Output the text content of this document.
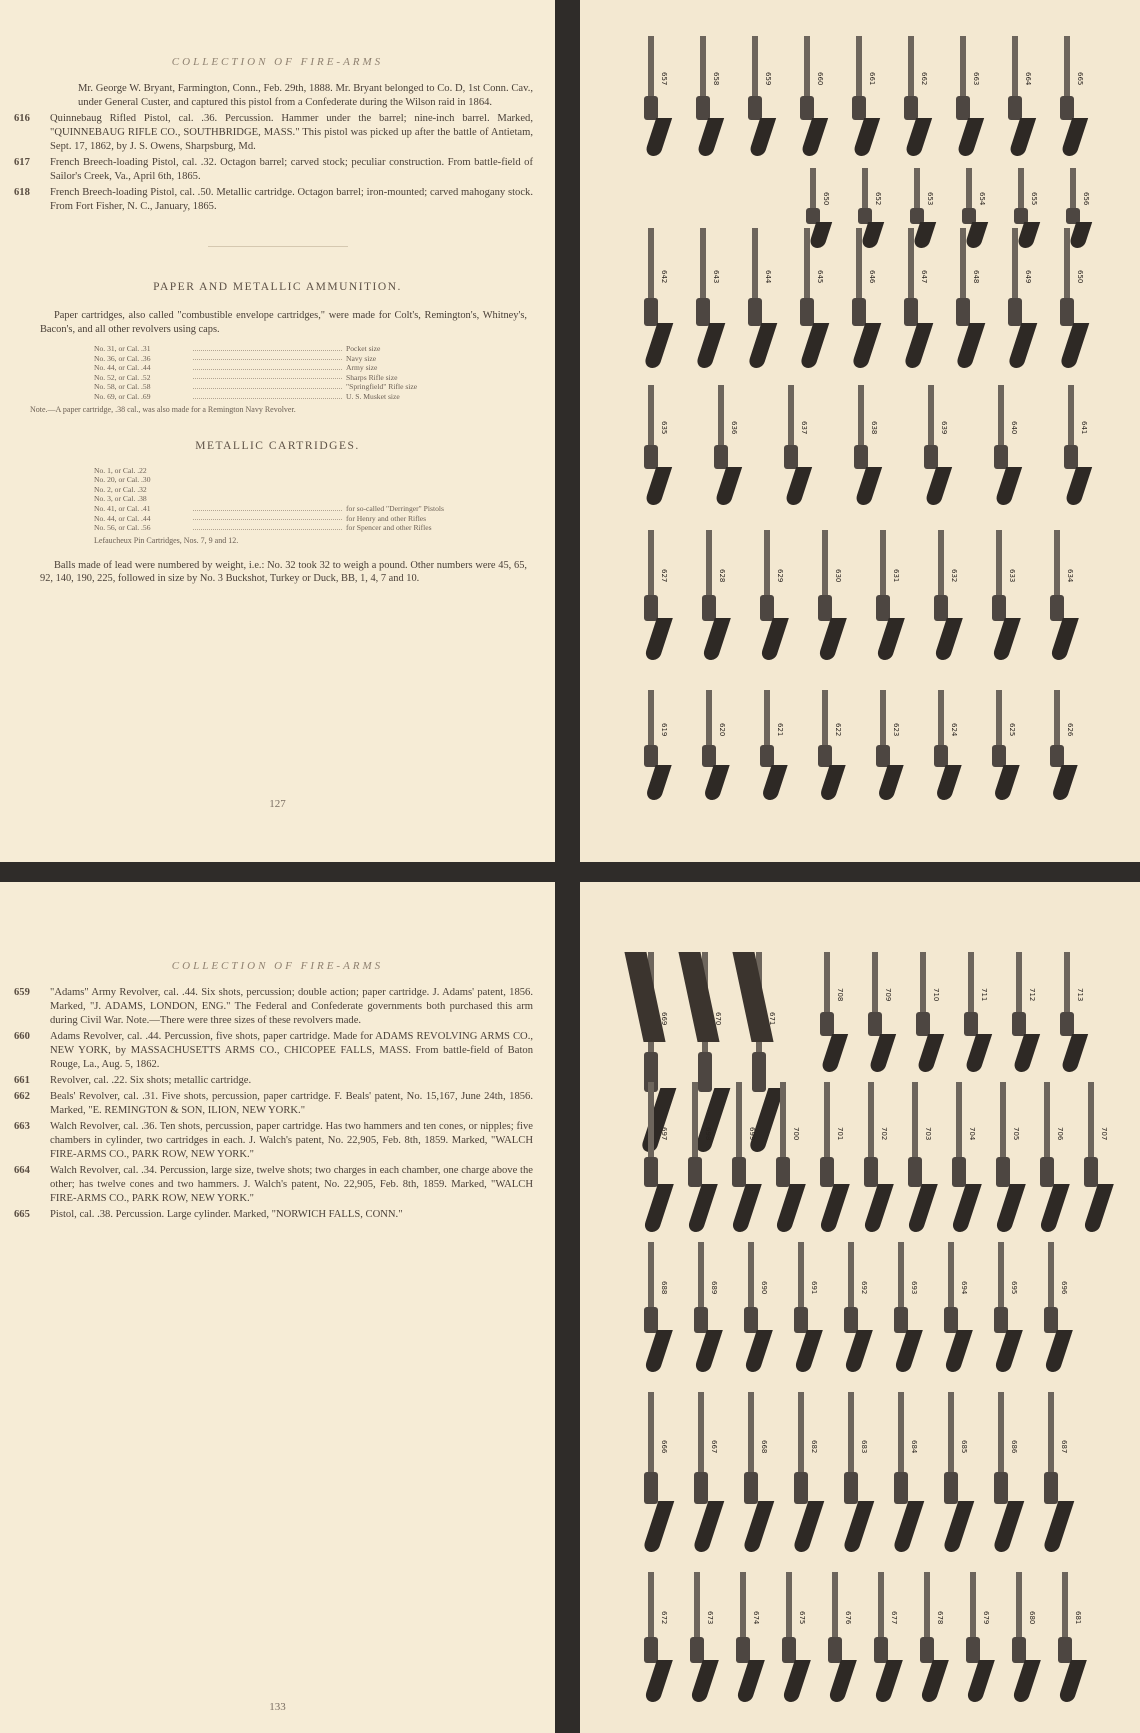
COLLECTION OF FIRE-ARMS
Mr. George W. Bryant, Farmington, Conn., Feb. 29th, 1888. Mr. Bryant belonged to Co. D, 1st Conn. Cav., under General Custer, and captured this pistol from a Confederate during the Wilson raid in 1864.
616	Quinnebaug Rifled Pistol, cal. .36. Percussion. Hammer under the barrel; nine-inch barrel. Marked, "QUINNEBAUG RIFLE CO., SOUTHBRIDGE, MASS." This pistol was picked up after the battle of Antietam, Sept. 17, 1862, by J. S. Owens, Sharpsburg, Md.
617	French Breech-loading Pistol, cal. .32. Octagon barrel; carved stock; peculiar construction. From battle-field of Sailor's Creek, Va., April 6th, 1865.
618	French Breech-loading Pistol, cal. .50. Metallic cartridge. Octagon barrel; iron-mounted; carved mahogany stock. From Fort Fisher, N. C., January, 1865.
PAPER AND METALLIC AMMUNITION.
Paper cartridges, also called "combustible envelope cartridges," were made for Colt's, Remington's, Whitney's, Bacon's, and all other revolvers using caps.
No. 31, or Cal. .31	Pocket size
No. 36, or Cal. .36	Navy size
No. 44, or Cal. .44	Army size
No. 52, or Cal. .52	Sharps Rifle size
No. 58, or Cal. .58	"Springfield" Rifle size
No. 69, or Cal. .69	U. S. Musket size
Note.—A paper cartridge, .38 cal., was also made for a Remington Navy Revolver.
METALLIC CARTRIDGES.
No. 1, or Cal. .22
No. 20, or Cal. .30
No. 2, or Cal. .32
No. 3, or Cal. .38
No. 41, or Cal. .41	for so-called "Derringer" Pistols
No. 44, or Cal. .44	for Henry and other Rifles
No. 56, or Cal. .56	for Spencer and other Rifles
Lefaucheux Pin Cartridges, Nos. 7, 9 and 12.
Balls made of lead were numbered by weight, i.e.: No. 32 took 32 to weigh a pound. Other numbers were 45, 65, 92, 140, 190, 225, followed in size by No. 3 Buckshot, Turkey or Duck, BB, 1, 4, 7 and 10.
127
657	658	659	660	661	662	663	664	665
650	652	653	654	655	656
642	643	644	645	646	647	648	649	650
635	636	637	638	639	640	641
627	628	629	630	631	632	633	634
619	620	621	622	623	624	625	626
COLLECTION OF FIRE-ARMS
659	"Adams" Army Revolver, cal. .44. Six shots, percussion; double action; paper cartridge. J. Adams' patent, 1856. Marked, "J. ADAMS, LONDON, ENG." The Federal and Confederate governments both purchased this arm during Civil War. Note.—There were three sizes of these revolvers made.
660	Adams Revolver, cal. .44. Percussion, five shots, paper cartridge. Made for ADAMS REVOLVING ARMS CO., NEW YORK, by MASSACHUSETTS ARMS CO., CHICOPEE FALLS, MASS. From battle-field of Baton Rouge, La., Aug. 5, 1862.
661	Revolver, cal. .22. Six shots; metallic cartridge.
662	Beals' Revolver, cal. .31. Five shots, percussion, paper cartridge. F. Beals' patent, No. 15,167, June 24th, 1856. Marked, "E. REMINGTON & SON, ILION, NEW YORK."
663	Walch Revolver, cal. .36. Ten shots, percussion, paper cartridge. Has two hammers and ten cones, or nipples; five chambers in cylinder, two cartridges in each. J. Walch's patent, No. 22,905, Feb. 8th, 1859. Marked, "WALCH FIRE-ARMS CO., PARK ROW, NEW YORK."
664	Walch Revolver, cal. .34. Percussion, large size, twelve shots; two charges in each chamber, one charge above the other; has twelve cones and two hammers. J. Walch's patent, No. 22,905, Feb. 8th, 1859. Marked, "WALCH FIRE-ARMS CO., PARK ROW, NEW YORK."
665	Pistol, cal. .38. Percussion. Large cylinder. Marked, "NORWICH FALLS, CONN."
133
669	670	671
708	709	710	711	712	713
697	698	699	700	701	702	703	704	705	706	707
688	689	690	691	692	693	694	695	696
666	667	668	682	683	684	685	686	687
672	673	674	675	676	677	678	679	680	681
